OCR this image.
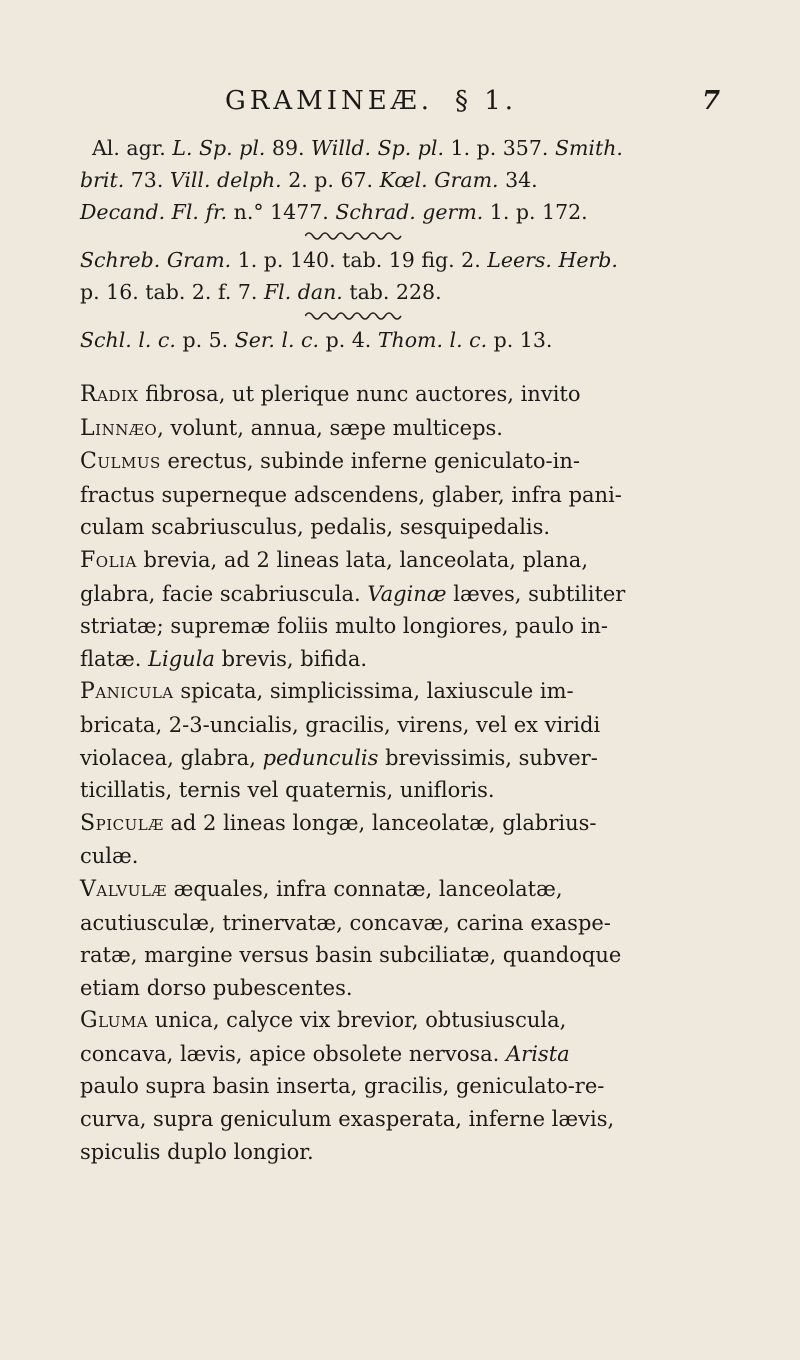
GRAMINEÆ. § 1.	7
Al. agr. L. Sp. pl. 89. Willd. Sp. pl. 1. p. 357. Smith.
brit. 73. Vill. delph. 2. p. 67. Kœl. Gram. 34.
Decand. Fl. fr. n.° 1477. Schrad. germ. 1. p. 172.
Schreb. Gram. 1. p. 140. tab. 19 fig. 2. Leers. Herb.
p. 16. tab. 2. f. 7. Fl. dan. tab. 228.
Schl. l. c. p. 5. Ser. l. c. p. 4. Thom. l. c. p. 13.

Radix fibrosa, ut plerique nunc auctores, invito
Linnæo, volunt, annua, sæpe multiceps.

Culmus erectus, subinde inferne geniculato-in-
fractus superneque adscendens, glaber, infra pani-
culam scabriusculus, pedalis, sesquipedalis.

Folia brevia, ad 2 lineas lata, lanceolata, plana,
glabra, facie scabriuscula. Vaginæ læves, subtiliter
striatæ; supremæ foliis multo longiores, paulo in-
flatæ. Ligula brevis, bifida.

Panicula spicata, simplicissima, laxiuscule im-
bricata, 2-3-uncialis, gracilis, virens, vel ex viridi
violacea, glabra, pedunculis brevissimis, subver-
ticillatis, ternis vel quaternis, unifloris.

Spiculæ ad 2 lineas longæ, lanceolatæ, glabrius-
culæ.

Valvulæ æquales, infra connatæ, lanceolatæ,
acutiusculæ, trinervatæ, concavæ, carina exaspe-
ratæ, margine versus basin subciliatæ, quandoque
etiam dorso pubescentes.

Gluma unica, calyce vix brevior, obtusiuscula,
concava, lævis, apice obsolete nervosa. Arista
paulo supra basin inserta, gracilis, geniculato-re-
curva, supra geniculum exasperata, inferne lævis,
spiculis duplo longior.
